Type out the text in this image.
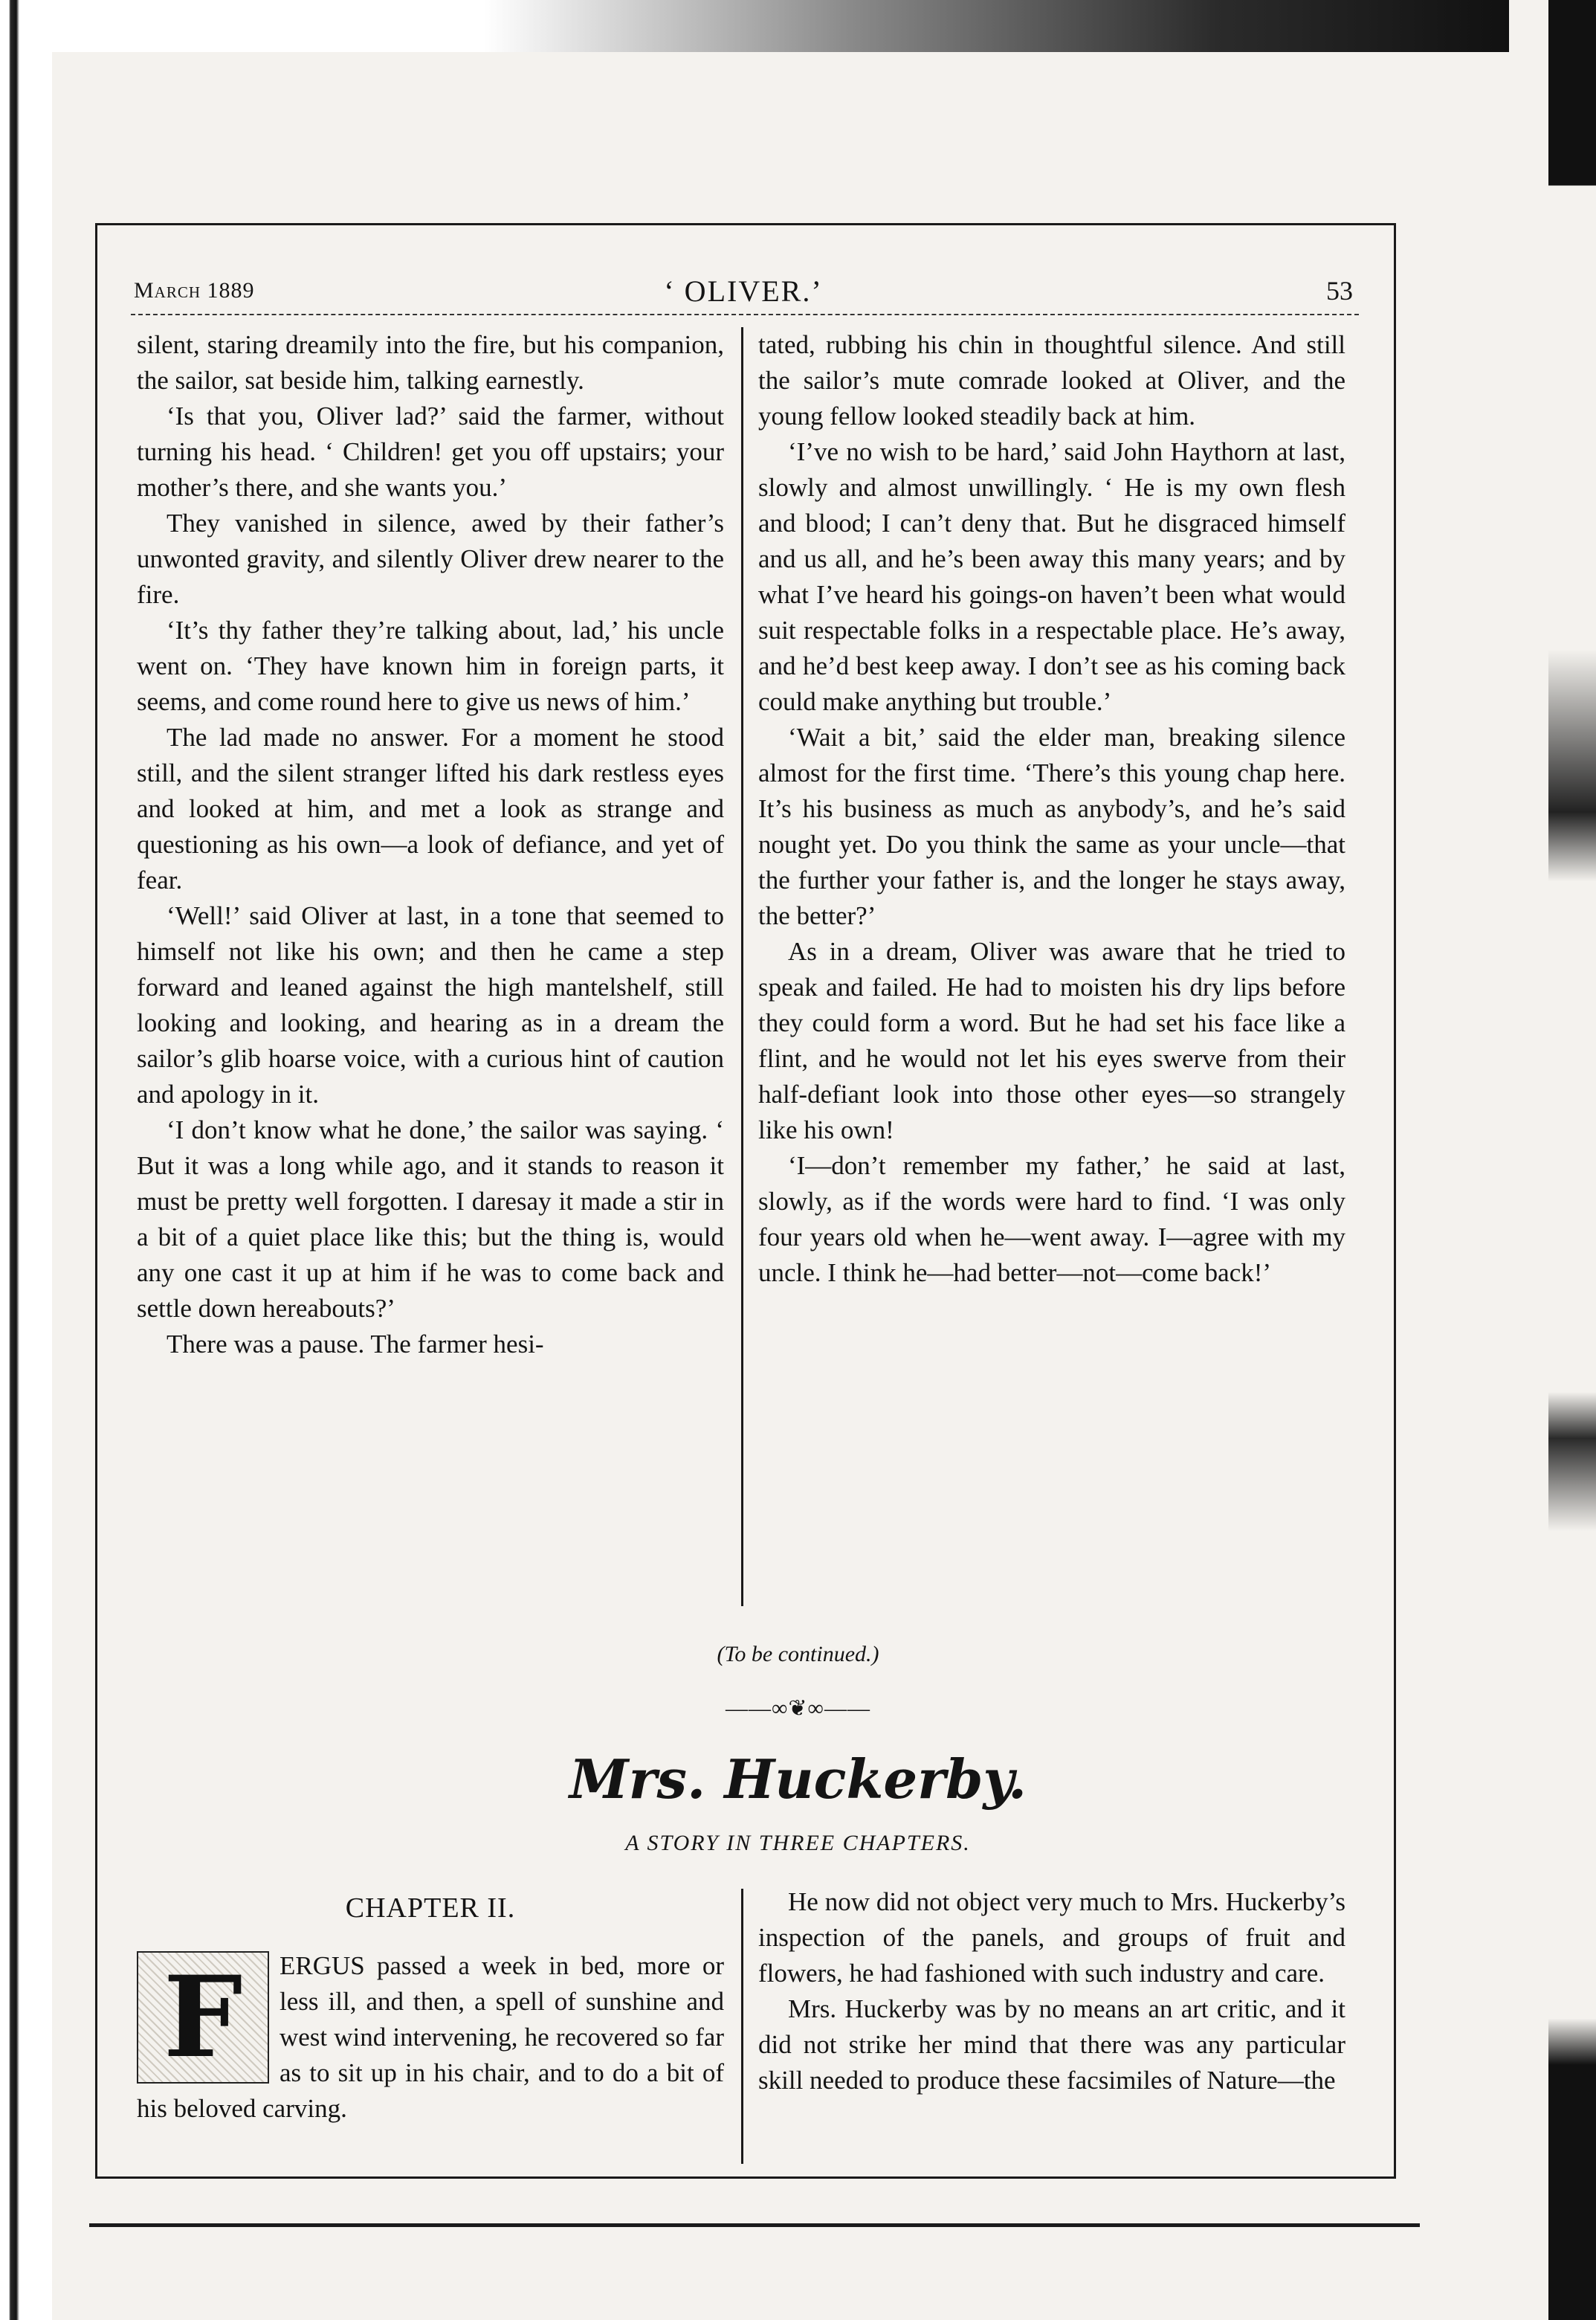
March 1889	‘ OLIVER.’	53

silent, staring dreamily into the fire, but his companion, the sailor, sat beside him, talking earnestly.

‘Is that you, Oliver lad?’ said the farmer, without turning his head. ‘ Children! get you off upstairs; your mother’s there, and she wants you.’

They vanished in silence, awed by their father’s unwonted gravity, and silently Oliver drew nearer to the fire.

‘It’s thy father they’re talking about, lad,’ his uncle went on. ‘They have known him in foreign parts, it seems, and come round here to give us news of him.’

The lad made no answer. For a moment he stood still, and the silent stranger lifted his dark restless eyes and looked at him, and met a look as strange and questioning as his own—a look of defiance, and yet of fear.

‘Well!’ said Oliver at last, in a tone that seemed to himself not like his own; and then he came a step forward and leaned against the high mantelshelf, still looking and looking, and hearing as in a dream the sailor’s glib hoarse voice, with a curious hint of caution and apology in it.

‘I don’t know what he done,’ the sailor was saying. ‘ But it was a long while ago, and it stands to reason it must be pretty well forgotten. I daresay it made a stir in a bit of a quiet place like this; but the thing is, would any one cast it up at him if he was to come back and settle down hereabouts?’

There was a pause. The farmer hesi-

tated, rubbing his chin in thoughtful silence. And still the sailor’s mute comrade looked at Oliver, and the young fellow looked steadily back at him.

‘I’ve no wish to be hard,’ said John Haythorn at last, slowly and almost unwillingly. ‘ He is my own flesh and blood; I can’t deny that. But he disgraced himself and us all, and he’s been away this many years; and by what I’ve heard his goings-on haven’t been what would suit respectable folks in a respectable place. He’s away, and he’d best keep away. I don’t see as his coming back could make anything but trouble.’

‘Wait a bit,’ said the elder man, breaking silence almost for the first time. ‘There’s this young chap here. It’s his business as much as anybody’s, and he’s said nought yet. Do you think the same as your uncle—that the further your father is, and the longer he stays away, the better?’

As in a dream, Oliver was aware that he tried to speak and failed. He had to moisten his dry lips before they could form a word. But he had set his face like a flint, and he would not let his eyes swerve from their half-defiant look into those other eyes—so strangely like his own!

‘I—don’t remember my father,’ he said at last, slowly, as if the words were hard to find. ‘I was only four years old when he—went away. I—agree with my uncle. I think he—had better—not—come back!’

(To be continued.)
——∞❦∞——
Mrs. Huckerby.
A STORY IN THREE CHAPTERS.
CHAPTER II.
F	ERGUS passed a week in bed, more or less ill, and then, a spell of sunshine and west wind intervening, he recovered so far as to sit up in his chair, and to do a bit of his beloved carving.

He now did not object very much to Mrs. Huckerby’s inspection of the panels, and groups of fruit and flowers, he had fashioned with such industry and care.

Mrs. Huckerby was by no means an art critic, and it did not strike her mind that there was any particular skill needed to produce these facsimiles of Nature—the
